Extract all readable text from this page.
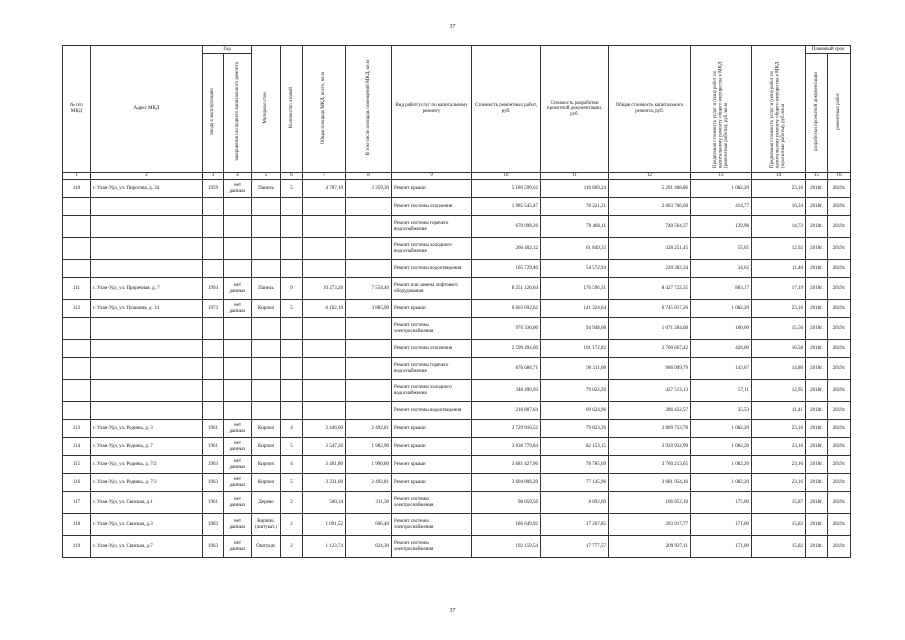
37
№ п/п МКД	Адрес МКД	Год		Материал стен	Количество этажей	Общая площадь МКД, всего, кв.м	В том числе площадь помещений МКД, кв.м	Вид работ/услуг по капитальному ремонту	Стоимость ремонтных работ, руб.	Стоимость разработки проектной документации, руб.	Общая стоимость капитального ремонта, руб.	Предельная стоимость услуг и (или) работ по капитальному ремонту общего имущества в МКД (ремонтные работы), руб./кв.м	Предельная стоимость услуг и (или) работ по капитальному ремонту общего имущества в МКД (проектные работы), руб./кв.м	Плановый срок	
		ввода в эксплуатацию	завершения последнего капитального ремонта											разработки проектной документации	ремонтных работ
1	2	3	4	5	6	7	8	9	10	11	12	13	14	15	16
110	г. Улан-Удэ, ул. Пирогова, д. 34	1959	нет данных	Панель	5	4 787,10	3 359,30	Ремонт крыши	5 180 599,62	110 869,24	5 291 468,86	1 082,20	23,16	2018г.	2019г.
								Ремонт системы отопления	1 985 545,47	78 221,21	2 063 766,68	414,77	16,34	2018г.	2019г.
								Ремонт системы горячего водоснабжения	670 098,26	70 466,11	740 564,37	139,98	14,72	2018г.	2019г.
								Ремонт системы холодного водоснабжения	266 402,12	61 849,33	328 251,45	55,65	12,92	2018г.	2019г.
								Ремонт системы водоотведения	165 729,40	54 572,94	220 302,34	34,62	11,40	2018г.	2019г.
111	г. Улан-Удэ, ул. Приречная, д. 7	1994	нет данных	Панель	9	10 273,20	7 554,40	Ремонт или замена лифтового оборудования	8 251 126,04	176 596,31	8 427 722,35	803,17	17,19	2018г.	2019г.
112	г. Улан-Удэ, ул. Пушкина, д. 14	1973	нет данных	Кирпич	5	6 102,10	3 885,90	Ремонт крыши	6 603 692,62	141 324,64	6 745 017,26	1 082,20	23,16	2018г.	2019г.
								Ремонт системы электроснабжения	976 336,00	94 948,68	1 071 284,68	160,00	15,56	2018г.	2019г.
								Ремонт системы отопления	2 599 494,60	101 172,82	2 700 667,42	426,00	16,58	2018г.	2019г.
								Ремонт системы горячего водоснабжения	876 688,71	90 311,08	966 999,79	143,67	14,80	2018г.	2019г.
								Ремонт системы холодного водоснабжения	348 490,93	79 022,20	427 513,13	57,11	12,95	2018г.	2019г.
								Ремонт системы водоотведения	216 807,64	69 624,96	286 432,57	35,53	11,41	2018г.	2019г.
113	г. Улан-Удэ, ул. Родины, д. 3	1961	нет данных	Кирпич	4	3 446,60	2 492,81	Ремонт крыши	3 729 910,52	79 823,26	3 809 733,78	1 082,20	23,16	2018г.	2019г.
114	г. Улан-Удэ, ул. Родины, д. 7	1961	нет данных	Кирпич	5	3 547,20	1 982,90	Ремонт крыши	3 838 779,84	82 153,15	3 920 932,99	1 082,20	23,16	2018г.	2019г.
115	г. Улан-Удэ, ул. Родины, д. 7/2	1963	нет данных	Кирпич	4	3 401,80	1 990,80	Ремонт крыши	3 681 427,96	78 785,69	3 760 213,65	1 082,20	23,16	2018г.	2019г.
116	г. Улан-Удэ, ул. Родины, д. 7/3	1963	нет данных	Кирпич	5	3 331,60	2 492,81	Ремонт крыши	3 604 808,20	77 145,96	3 681 954,16	1 082,20	23,16	2018г.	2019г.
117	г. Улан-Удэ, ул. Свиская, д.1	1961	нет данных	Дерево	2	560,34	311,30	Ремонт системы электроснабжения	98 059,50	8 892,60	106 952,10	175,00	15,87	2018г.	2019г.
118	г. Улан-Удэ, ул. Свиская, д.3	1963	нет данных	Кирпич. (оштукат.)	2	1 091,52	606,40	Ремонт системы электроснабжения	186 649,92	17 267,85	203 917,77	171,00	15,82	2018г.	2019г.
119	г. Улан-Удэ, ул. Свиская, д.7	1963	нет данных	Оштукат.	2	1 123,74	624,30	Ремонт системы электроснабжения	192 159,54	17 777,57	209 937,11	171,00	15,82	2018г.	2019г.
37
